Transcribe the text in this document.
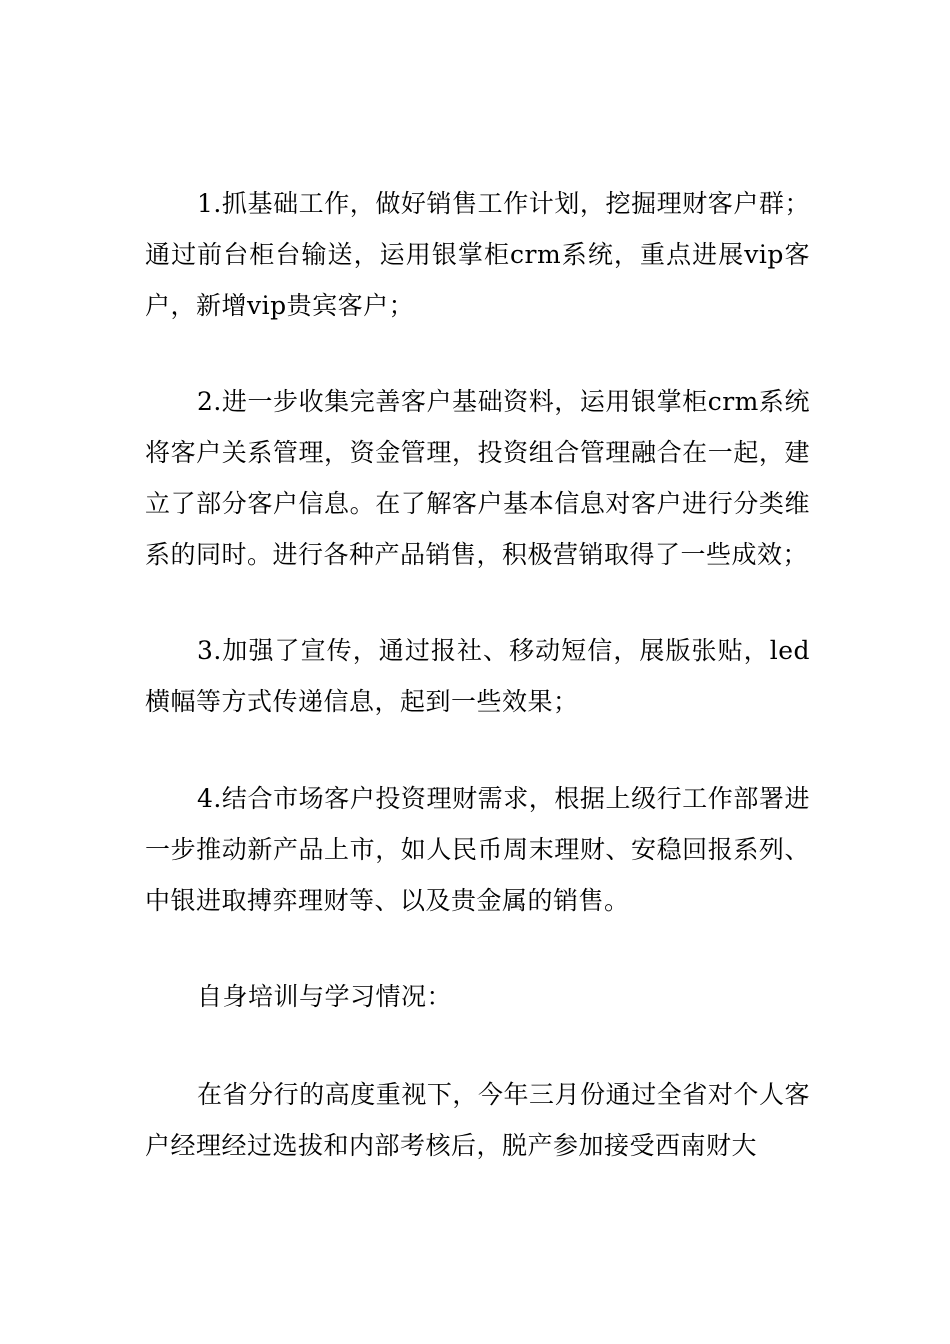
1.抓基础工作，做好销售工作计划，挖掘理财客户群；通过前台柜台输送，运用银掌柜crm系统，重点进展vip客户，新增vip贵宾客户；

2.进一步收集完善客户基础资料，运用银掌柜crm系统将客户关系管理，资金管理，投资组合管理融合在一起，建立了部分客户信息。在了解客户基本信息对客户进行分类维系的同时。进行各种产品销售，积极营销取得了一些成效；

3.加强了宣传，通过报社、移动短信，展版张贴，led横幅等方式传递信息，起到一些效果；

4.结合市场客户投资理财需求，根据上级行工作部署进一步推动新产品上市，如人民币周末理财、安稳回报系列、中银进取搏弈理财等、以及贵金属的销售。

自身培训与学习情况：

在省分行的高度重视下，今年三月份通过全省对个人客户经理经过选拔和内部考核后，脱产参加接受西南财大
